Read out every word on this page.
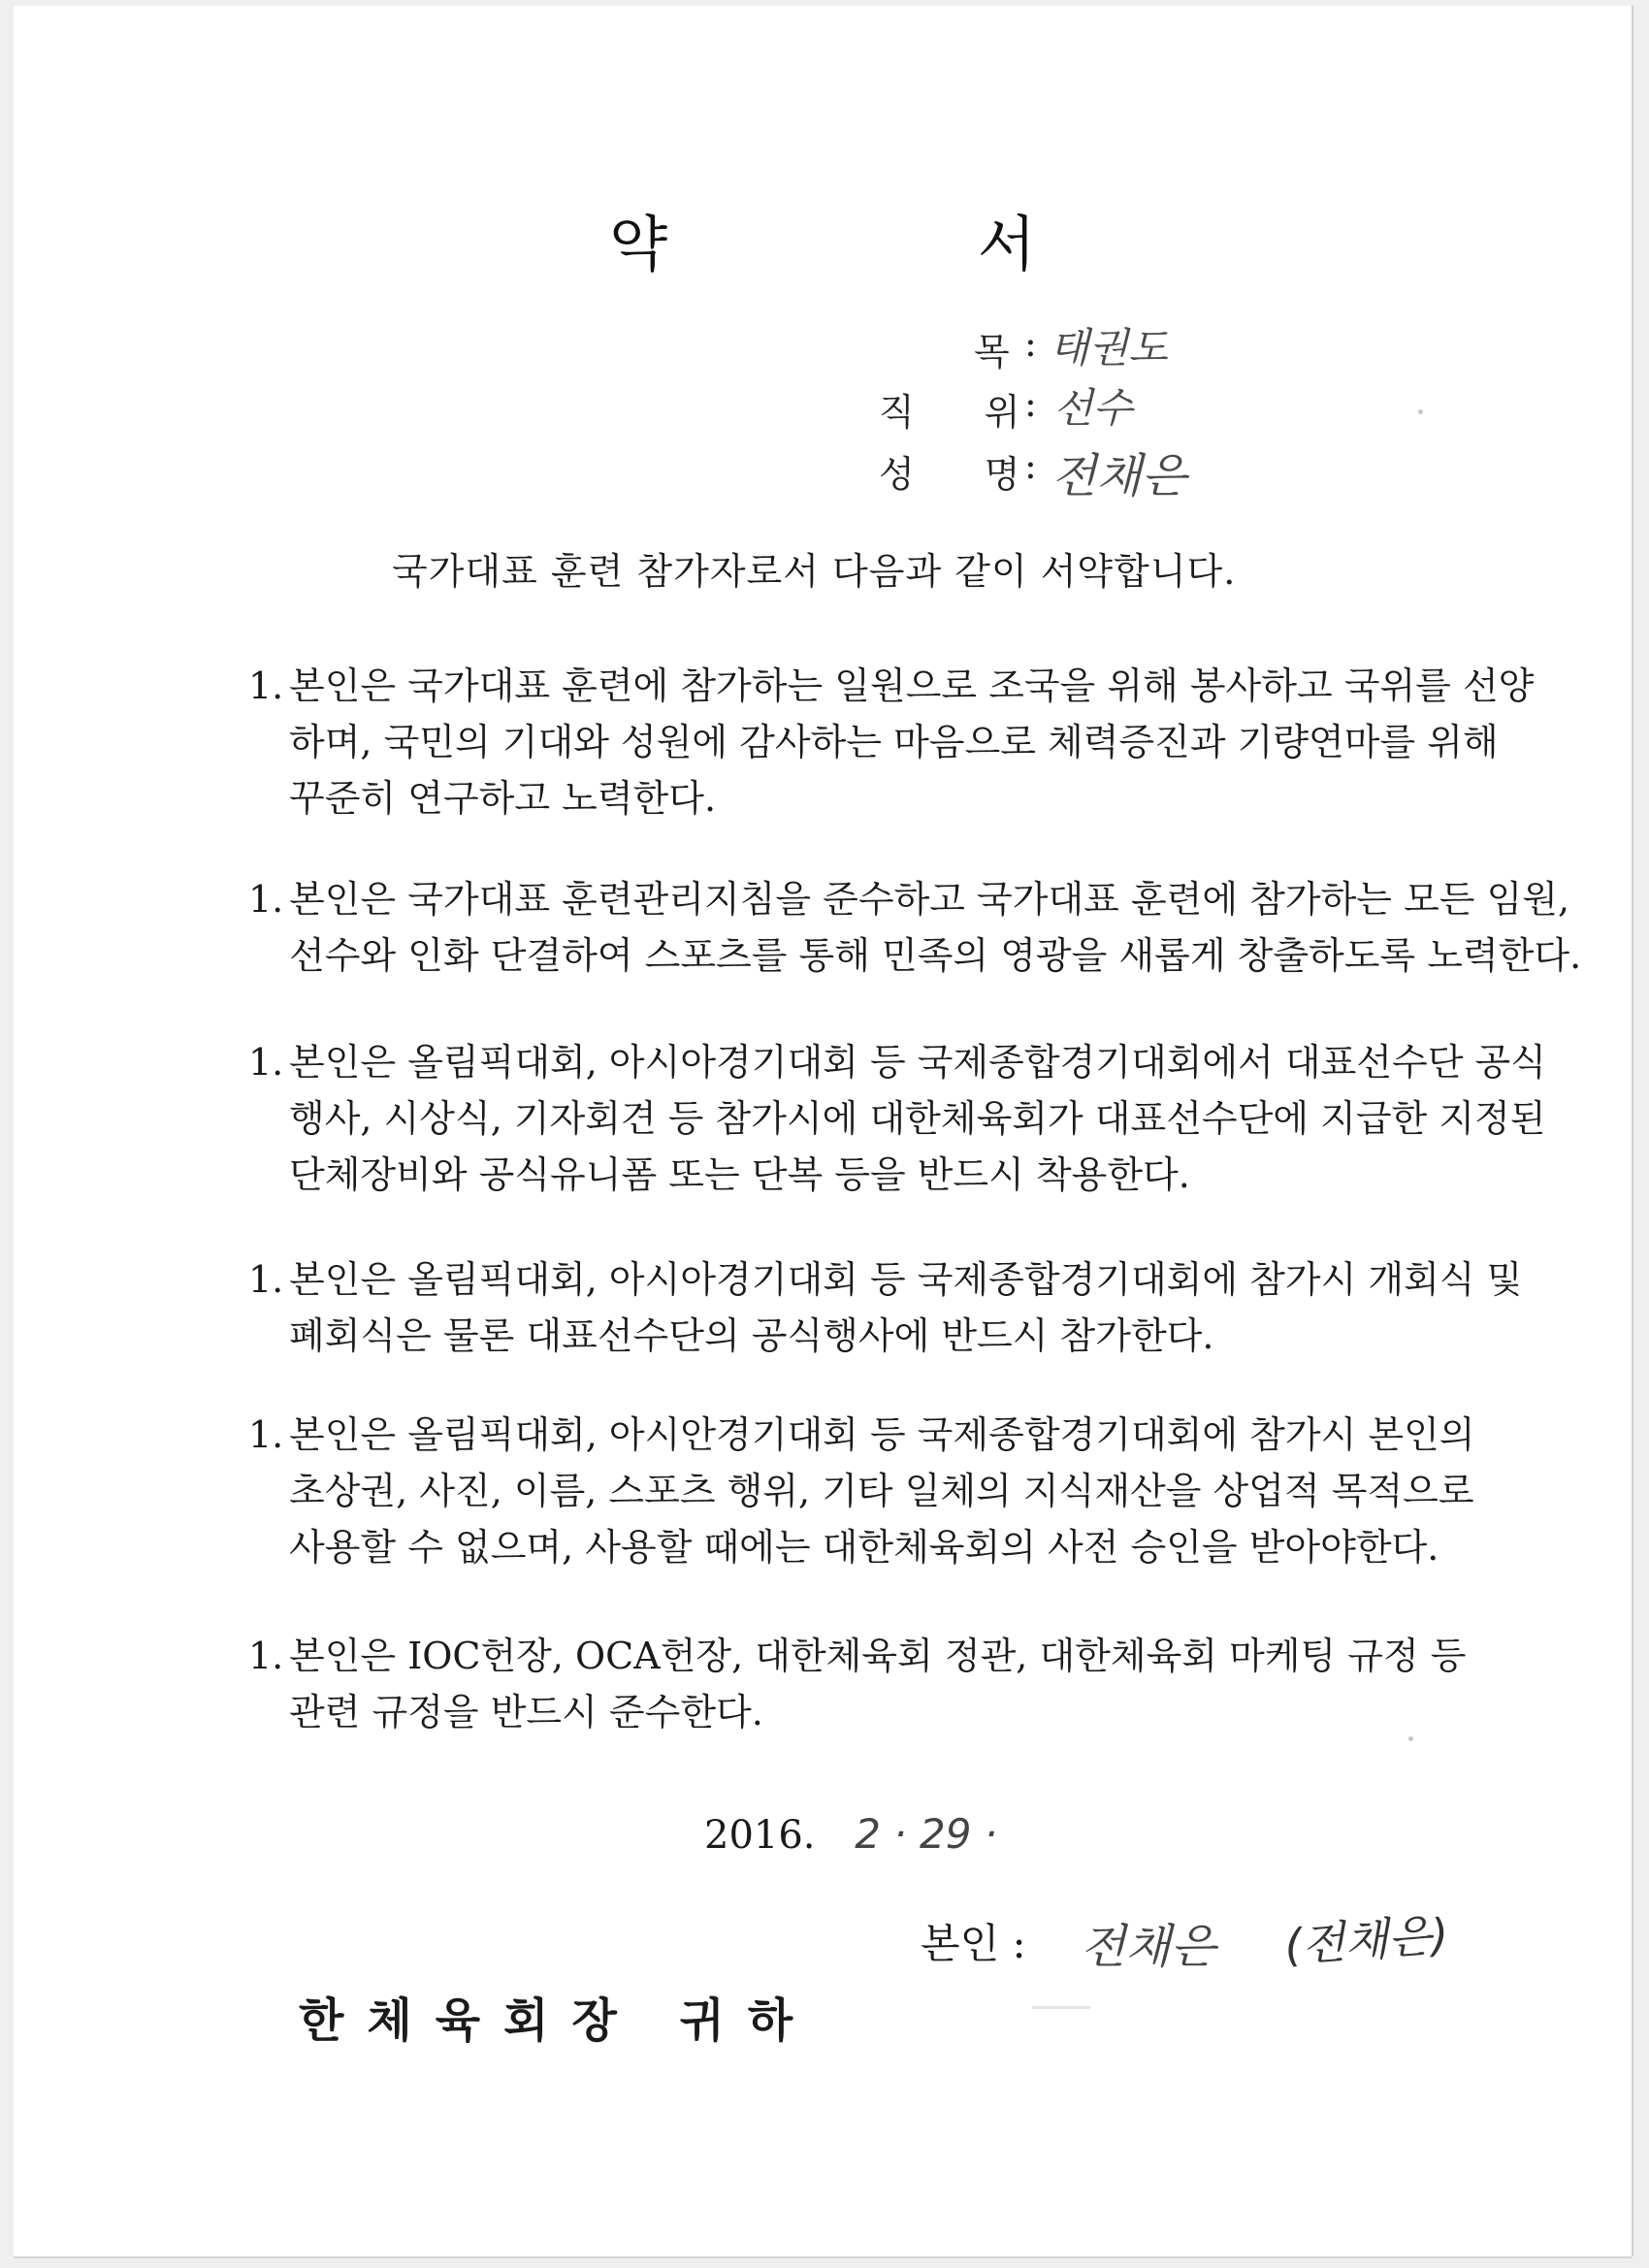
약 서
목 : 태권도
직 위 : 선수
성 명 : 전채은
국가대표 훈련 참가자로서 다음과 같이 서약합니다.
1. 본인은 국가대표 훈련에 참가하는 일원으로 조국을 위해 봉사하고 국위를 선양
하며, 국민의 기대와 성원에 감사하는 마음으로 체력증진과 기량연마를 위해
꾸준히 연구하고 노력한다.
1. 본인은 국가대표 훈련관리지침을 준수하고 국가대표 훈련에 참가하는 모든 임원,
선수와 인화 단결하여 스포츠를 통해 민족의 영광을 새롭게 창출하도록 노력한다.
1. 본인은 올림픽대회, 아시아경기대회 등 국제종합경기대회에서 대표선수단 공식
행사, 시상식, 기자회견 등 참가시에 대한체육회가 대표선수단에 지급한 지정된
단체장비와 공식유니폼 또는 단복 등을 반드시 착용한다.
1. 본인은 올림픽대회, 아시아경기대회 등 국제종합경기대회에 참가시 개회식 및
폐회식은 물론 대표선수단의 공식행사에 반드시 참가한다.
1. 본인은 올림픽대회, 아시안경기대회 등 국제종합경기대회에 참가시 본인의
초상권, 사진, 이름, 스포츠 행위, 기타 일체의 지식재산을 상업적 목적으로
사용할 수 없으며, 사용할 때에는 대한체육회의 사전 승인을 받아야한다.
1. 본인은 IOC헌장, OCA헌장, 대한체육회 정관, 대한체육회 마케팅 규정 등
관련 규정을 반드시 준수한다.
2016. 2 · 29 ·
본인 : 전채은 (전채은)
한체육회장 귀하
